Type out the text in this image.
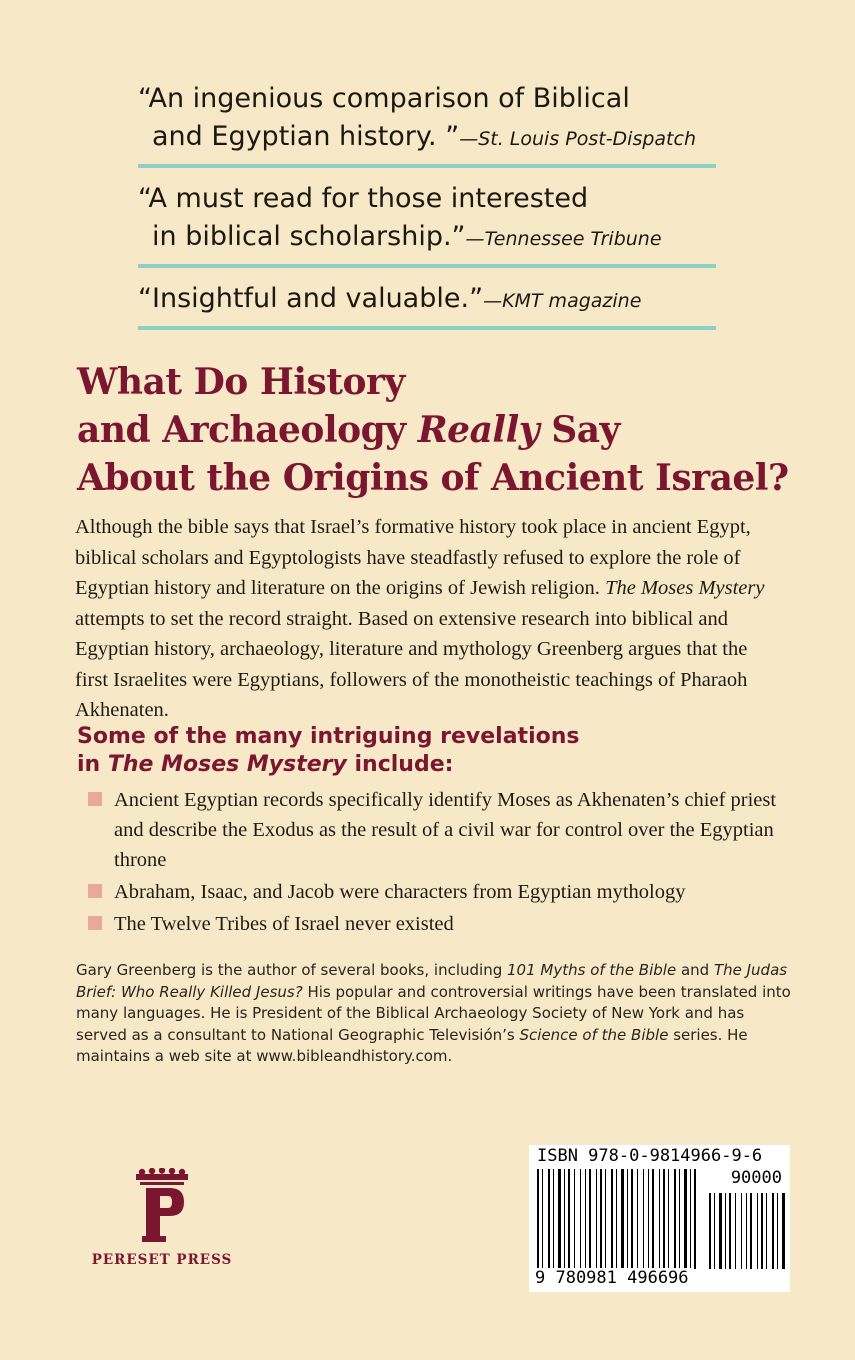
“An ingenious comparison of Biblical
and Egyptian history. ”—St. Louis Post-Dispatch
“A must read for those interested
in biblical scholarship.”—Tennessee Tribune
“Insightful and valuable.”—KMT magazine
What Do History
and Archaeology Really Say
About the Origins of Ancient Israel?
Although the bible says that Israel’s formative history took place in ancient Egypt, biblical scholars and Egyptologists have steadfastly refused to explore the role of Egyptian history and literature on the origins of Jewish religion. The Moses Mystery attempts to set the record straight. Based on extensive research into biblical and Egyptian history, archaeology, literature and mythology Greenberg argues that the first Israelites were Egyptians, followers of the monotheistic teachings of Pharaoh Akhenaten.
Some of the many intriguing revelations
in The Moses Mystery include:
Ancient Egyptian records specifically identify Moses as Akhenaten’s chief priest and describe the Exodus as the result of a civil war for control over the Egyptian throne
Abraham, Isaac, and Jacob were characters from Egyptian mythology
The Twelve Tribes of Israel never existed
Gary Greenberg is the author of several books, including 101 Myths of the Bible and The Judas Brief: Who Really Killed Jesus? His popular and controversial writings have been translated into many languages. He is President of the Biblical Archaeology Society of New York and has served as a consultant to National Geographic Televisión’s Science of the Bible series. He maintains a web site at www.bibleandhistory.com.
PERESET PRESS
ISBN 978-0-9814966-9-6
90000
9 780981 496696
